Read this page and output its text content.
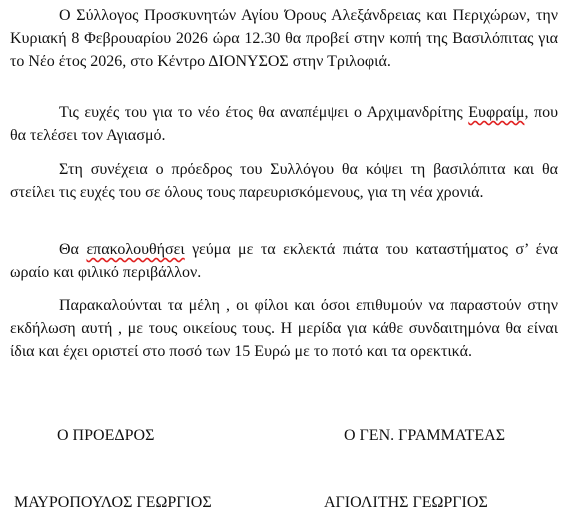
Ο Σύλλογος Προσκυνητών Αγίου Όρους Αλεξάνδρειας και Περιχώρων, την Κυριακή 8 Φεβρουαρίου 2026 ώρα 12.30 θα προβεί στην κοπή της Βασιλόπιτας για το Νέο έτος 2026, στο Κέντρο ΔΙΟΝΥΣΟΣ στην Τριλοφιά.

Τις ευχές του για το νέο έτος θα αναπέμψει ο Αρχιμανδρίτης Ευφραίμ, που θα τελέσει τον Αγιασμό.

Στη συνέχεια ο πρόεδρος του Συλλόγου θα κόψει τη βασιλόπιτα και θα στείλει τις ευχές του σε όλους τους παρευρισκόμενους, για τη νέα χρονιά.

Θα επακολουθήσει γεύμα με τα εκλεκτά πιάτα του καταστήματος σ’ ένα ωραίο και φιλικό περιβάλλον.

Παρακαλούνται τα μέλη , οι φίλοι και όσοι επιθυμούν να παραστούν στην εκδήλωση αυτή , με τους οικείους τους. Η μερίδα για κάθε συνδαιτημόνα θα είναι ίδια και έχει οριστεί στο ποσό των 15 Ευρώ με το ποτό και τα ορεκτικά.

Ο ΠΡΟΕΔΡΟΣ	Ο ΓΕΝ. ΓΡΑΜΜΑΤΕΑΣ
ΜΑΥΡΟΠΟΥΛΟΣ ΓΕΩΡΓΙΟΣ	ΑΓΙΟΛΙΤΗΣ ΓΕΩΡΓΙΟΣ
